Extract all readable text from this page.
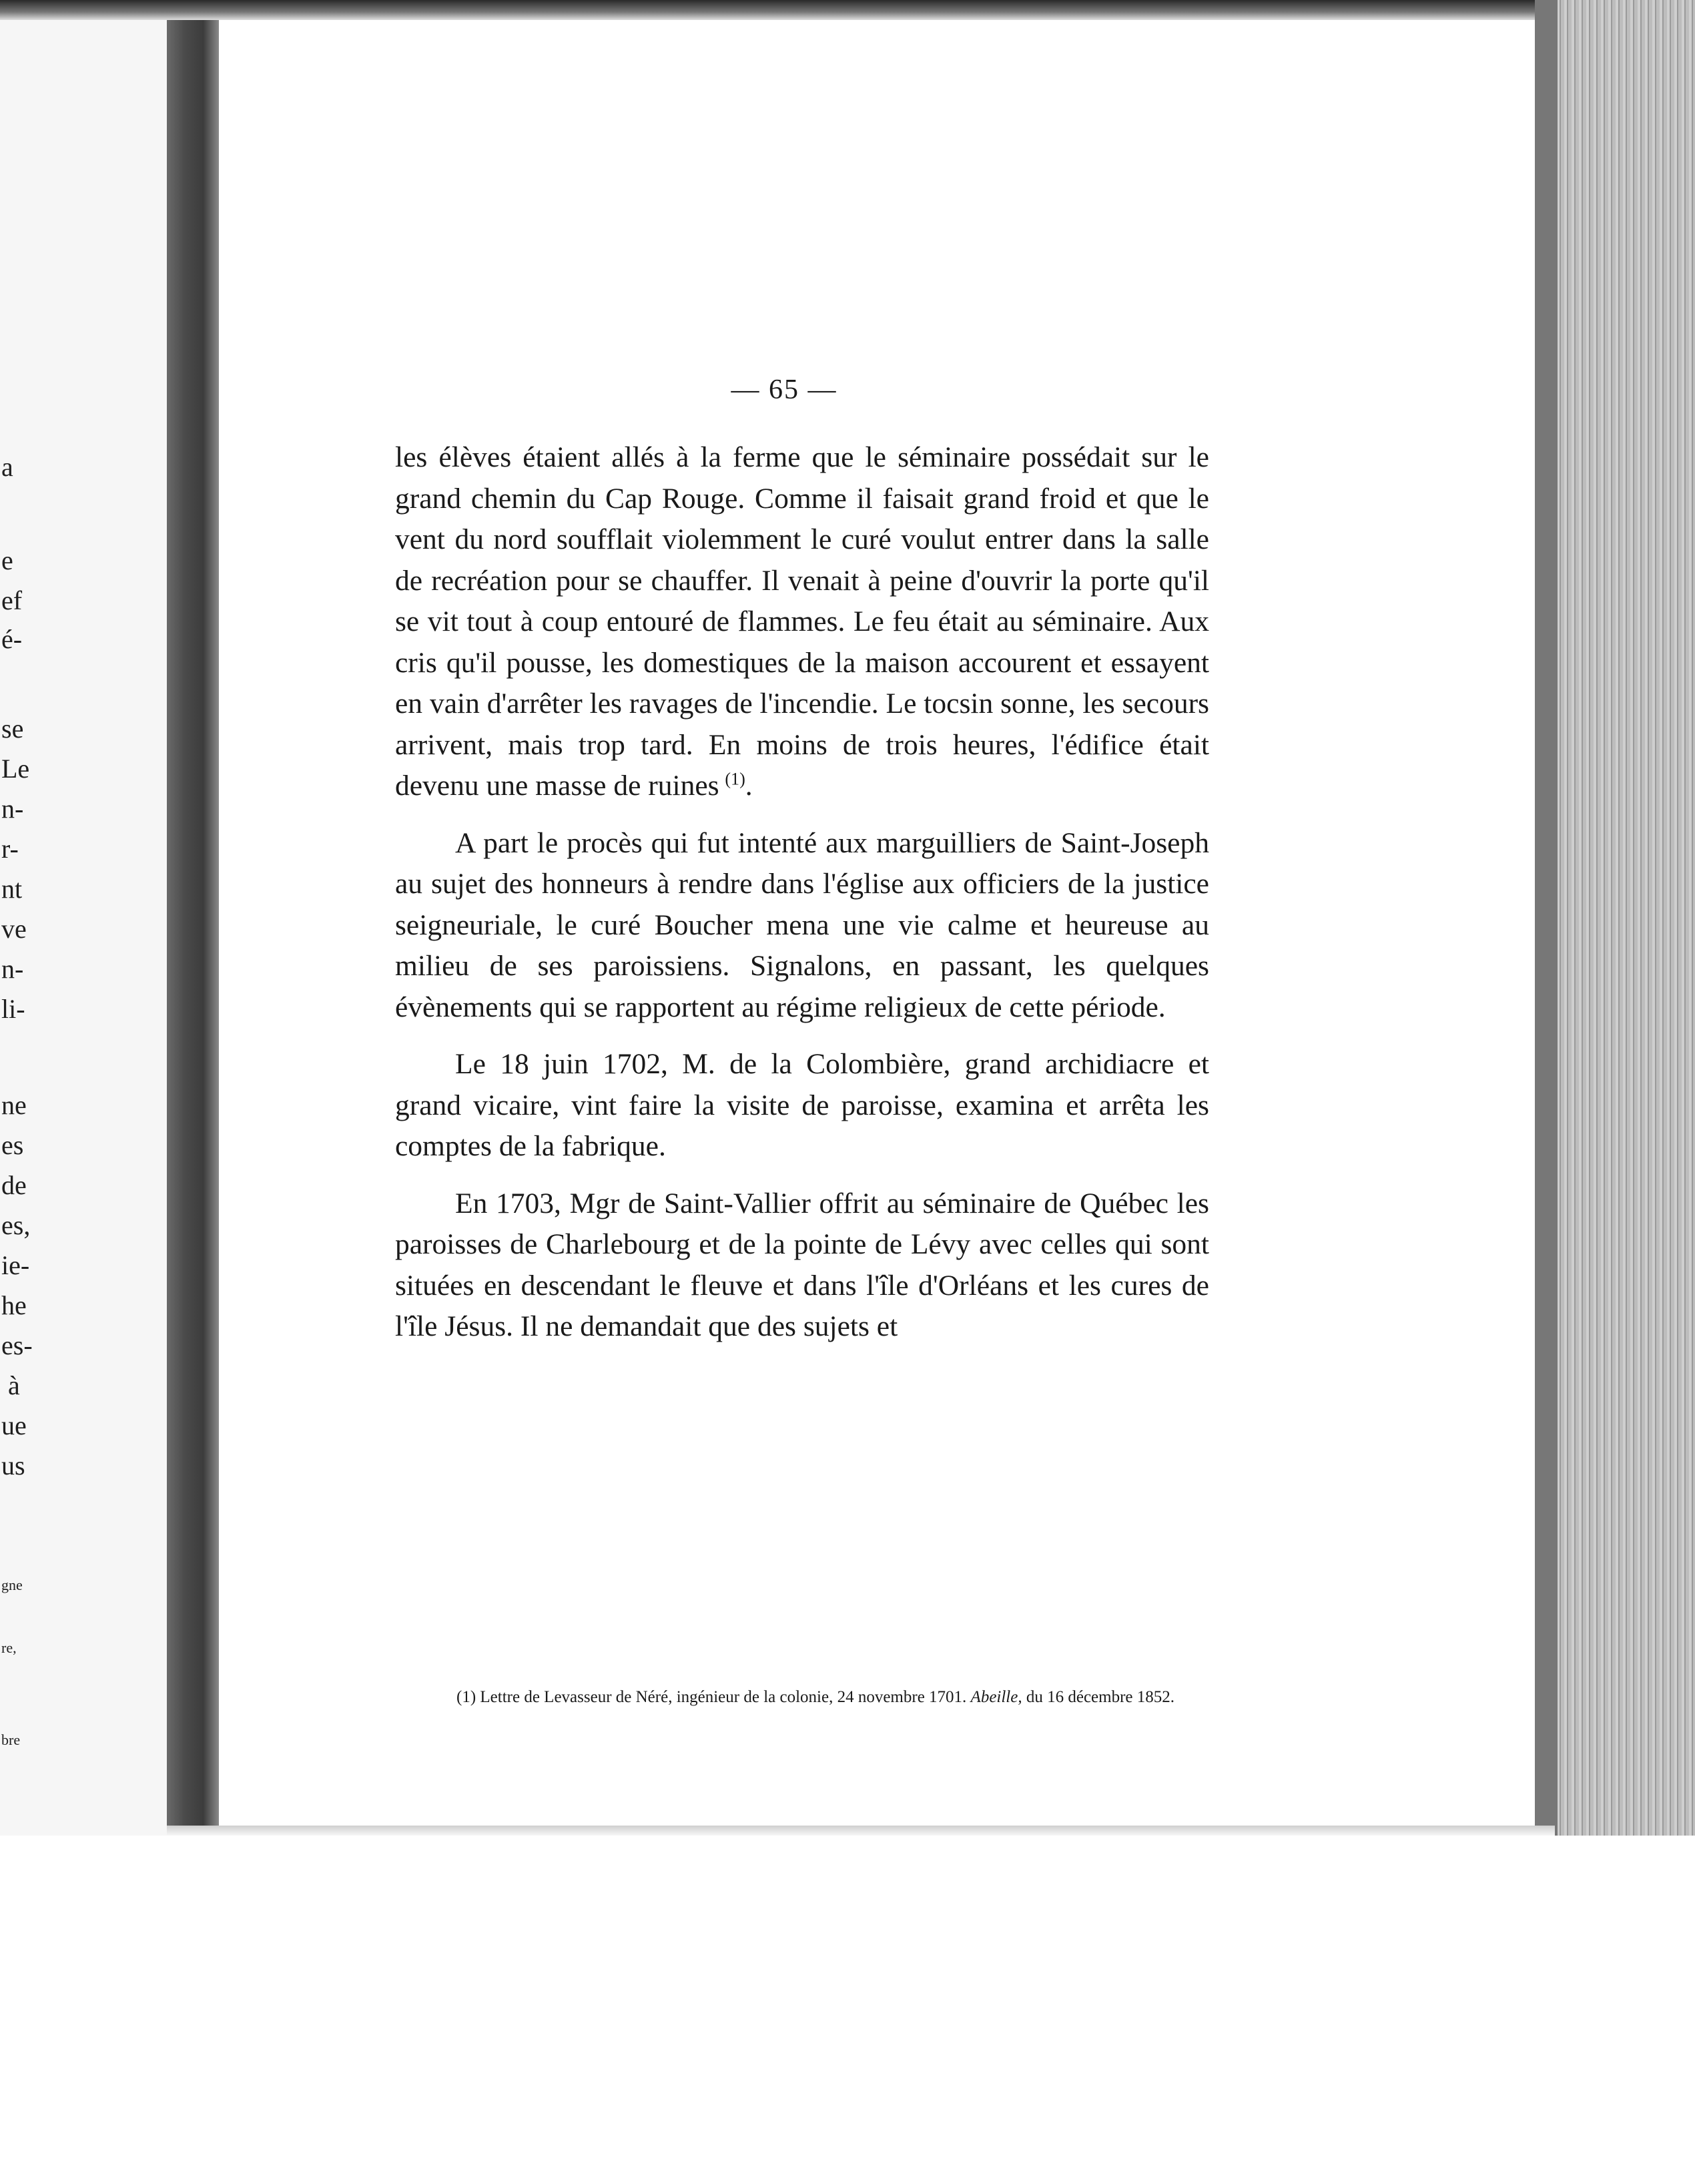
a
e
ef
é-
se
Le
n-
r-
nt
ve
n-
li-
ne
es
de
es,
ie-
he
es-
à
ue
us
gne
re,
bre
— 65 —

les élèves étaient allés à la ferme que le séminaire possédait sur le grand chemin du Cap Rouge. Comme il faisait grand froid et que le vent du nord soufflait violemment le curé voulut entrer dans la salle de recréation pour se chauffer. Il venait à peine d'ouvrir la porte qu'il se vit tout à coup entouré de flammes. Le feu était au séminaire. Aux cris qu'il pousse, les domestiques de la maison accourent et essayent en vain d'arrêter les ravages de l'incendie. Le tocsin sonne, les secours arrivent, mais trop tard. En moins de trois heures, l'édifice était devenu une masse de ruines  $^{(1)}$.

A part le procès qui fut intenté aux marguilliers de Saint-Joseph au sujet des honneurs à rendre dans l'église aux officiers de la justice seigneuriale, le curé Boucher mena une vie calme et heureuse au milieu de ses paroissiens. Signalons, en passant, les quelques évènements qui se rapportent au régime religieux de cette période.

Le 18 juin 1702, M. de la Colombière, grand archidiacre et grand vicaire, vint faire la visite de paroisse, examina et arrêta les comptes de la fabrique.

En 1703, Mgr de Saint-Vallier offrit au séminaire de Québec les paroisses de Charlebourg et de la pointe de Lévy avec celles qui sont situées en descendant le fleuve et dans l'île d'Orléans et les cures de l'île Jésus. Il ne demandait que des sujets et

(1) Lettre de Levasseur de Néré, ingénieur de la colonie, 24 novembre 1701. Abeille, du 16 décembre 1852.
